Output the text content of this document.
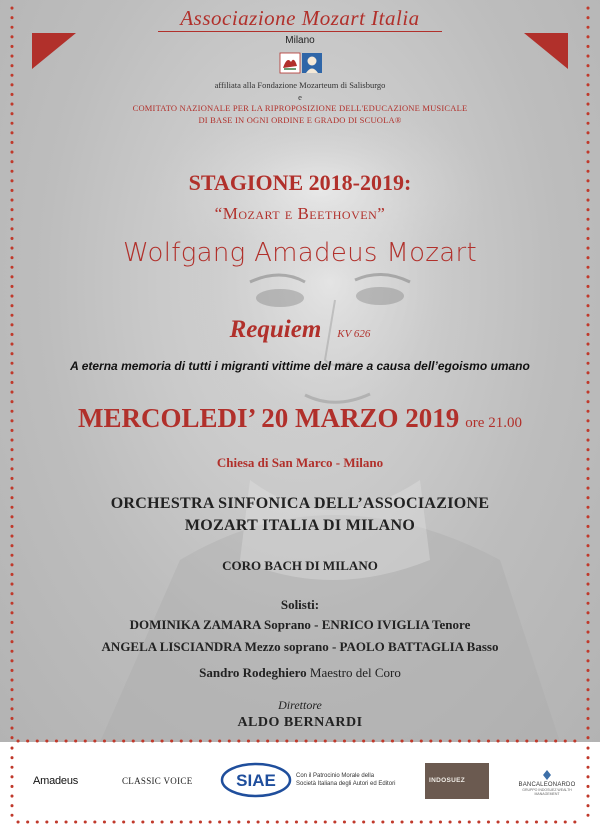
Associazione Mozart Italia
Milano
affiliata alla Fondazione Mozarteum di Salisburgo
e
COMITATO NAZIONALE PER LA RIPROPOSIZIONE DELL'EDUCAZIONE MUSICALE
DI BASE IN OGNI ORDINE E GRADO DI SCUOLA®
STAGIONE 2018-2019:
“Mozart e Beethoven”
Wolfgang Amadeus Mozart
Requiem KV 626
A eterna memoria di tutti i migranti vittime del mare a causa dell’egoismo umano
MERCOLEDI’ 20 MARZO 2019 ore 21.00
Chiesa di San Marco - Milano
ORCHESTRA SINFONICA DELL’ASSOCIAZIONE
MOZART ITALIA DI MILANO
CORO BACH DI MILANO
Solisti:
DOMINIKA ZAMARA Soprano - ENRICO IVIGLIA Tenore
ANGELA LISCIANDRA Mezzo soprano - PAOLO BATTAGLIA Basso
Sandro Rodeghiero Maestro del Coro
Direttore
ALDO BERNARDI
Amadeus	CLASSIC VOICE	SIAE	Con il Patrocinio Morale della
Società Italiana degli Autori ed Editori	INDOSUEZ
BANCALEONARDO
GRUPPO INDOSUEZ WEALTH MANAGEMENT
